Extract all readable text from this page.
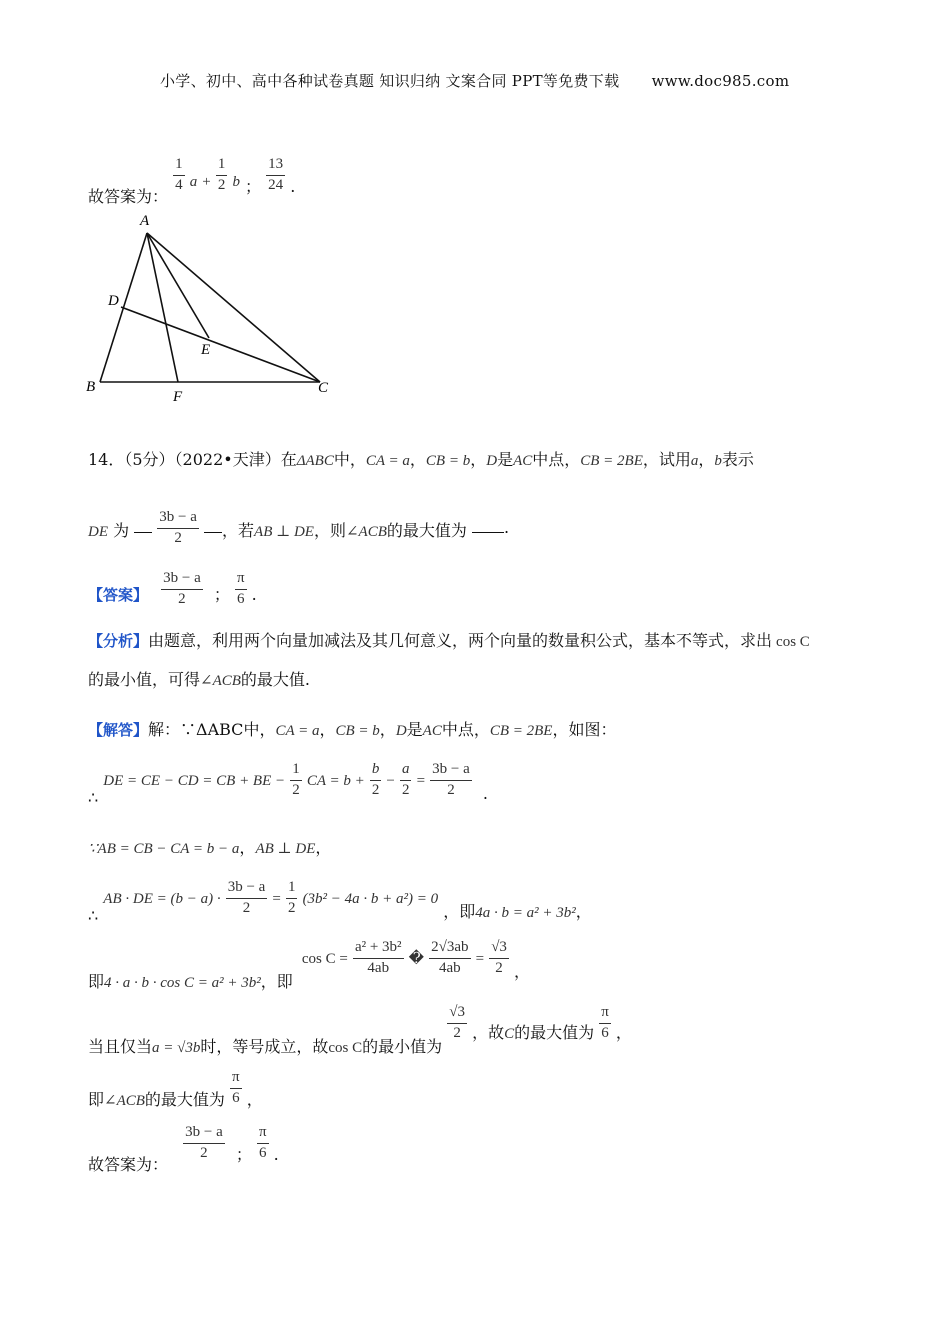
小学、初中、高中各种试卷真题 知识归纳 文案合同 PPT等免费下载 www.doc985.com
故答案为：
$\frac{1}{4}$ $a + \frac{1}{2}$ b ； $\frac{13}{24}$ .
A
D
E
B
F
C
14．（5分）（2022•天津）在ΔABC中，CA = a，CB = b，D是AC中点，CB = 2BE，试用a，b表示
DE 为 $\frac{3b - a}{2}$ ，若AB ⊥ DE，则∠ACB的最大值为 .
【答案】 $\frac{3b - a}{2}$ ； $\frac{\pi}{6}$ .
【分析】由题意，利用两个向量加减法及其几何意义，两个向量的数量积公式，基本不等式，求出 cos C
的最小值，可得∠ACB的最大值.
【解答】解：∵ΔABC中，CA = a，CB = b，D是AC中点，CB = 2BE，如图：
∴ DE = CE − CD = CB + BE − $\frac{1}{2}$ CA = $b + \frac{b}{2} - \frac{a}{2} = \frac{3b - a}{2}$ .
∵AB = CB − CA = b − a，AB ⊥ DE，
∴ AB · DE = $(b - a) \cdot \frac{3b - a}{2} = \frac{1}{2} (3b^2 - 4a \cdot b + a^2) = 0$ ，即4a · b = a² + 3b²，
即4 · a · b · cos C = a² + 3b²，即 $\cos C = \frac{\text{a² + 3b²}}{4ab}$ � $\frac{2√3ab}{4ab} = \frac{√3}{2}$ ，
当且仅当a = √3b时，等号成立，故cos C的最小值为
$\frac{√3}{2}$ ，故C的最大值为 $\frac{\pi}{6}$ ，
即∠ACB的最大值为 $\frac{\pi}{6}$ ，
故答案为：
$\frac{3b - a}{2}$ ； $\frac{\pi}{6}$ .
